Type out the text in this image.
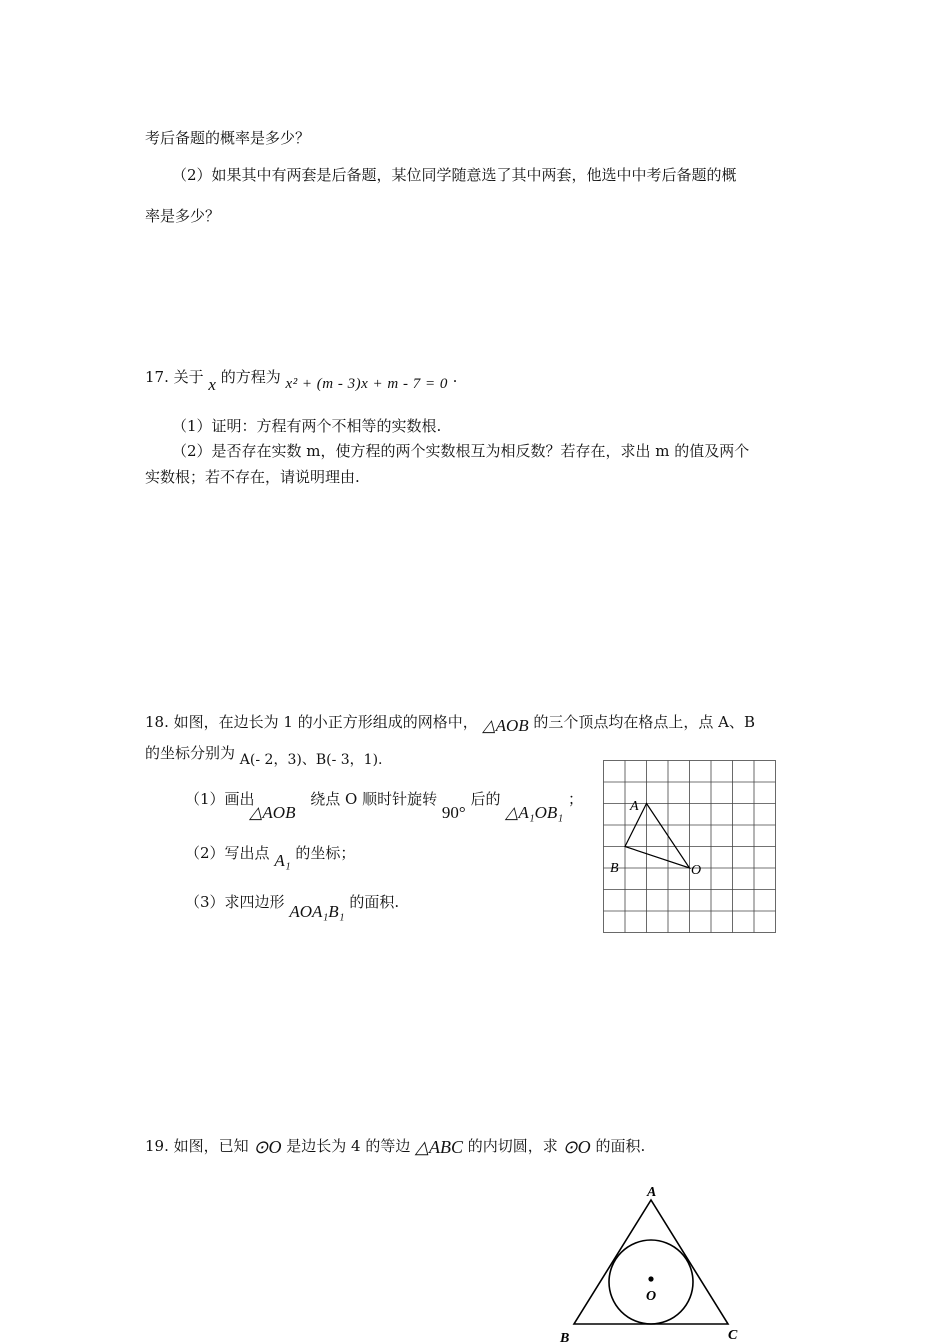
考后备题的概率是多少？
（2）如果其中有两套是后备题，某位同学随意选了其中两套，他选中中考后备题的概
率是多少？
17. 关于 x 的方程为 x² + (m - 3)x + m - 7 = 0 .
（1）证明：方程有两个不相等的实数根.
（2）是否存在实数 m，使方程的两个实数根互为相反数？若存在，求出 m 的值及两个
实数根；若不存在，请说明理由.
18. 如图，在边长为 1 的小正方形组成的网格中， △AOB 的三个顶点均在格点上，点 A、B
的坐标分别为 A(- 2，3)、B(- 3，1).
（1）画出 △AOB 绕点 O 顺时针旋转 90° 后的 △A₁OB₁ ；
（2）写出点 A₁ 的坐标；
（3）求四边形 AOA₁B₁ 的面积.
A
B	O
19. 如图，已知 ⊙O 是边长为 4 的等边 △ABC 的内切圆，求 ⊙O 的面积.
A
B	C
O
